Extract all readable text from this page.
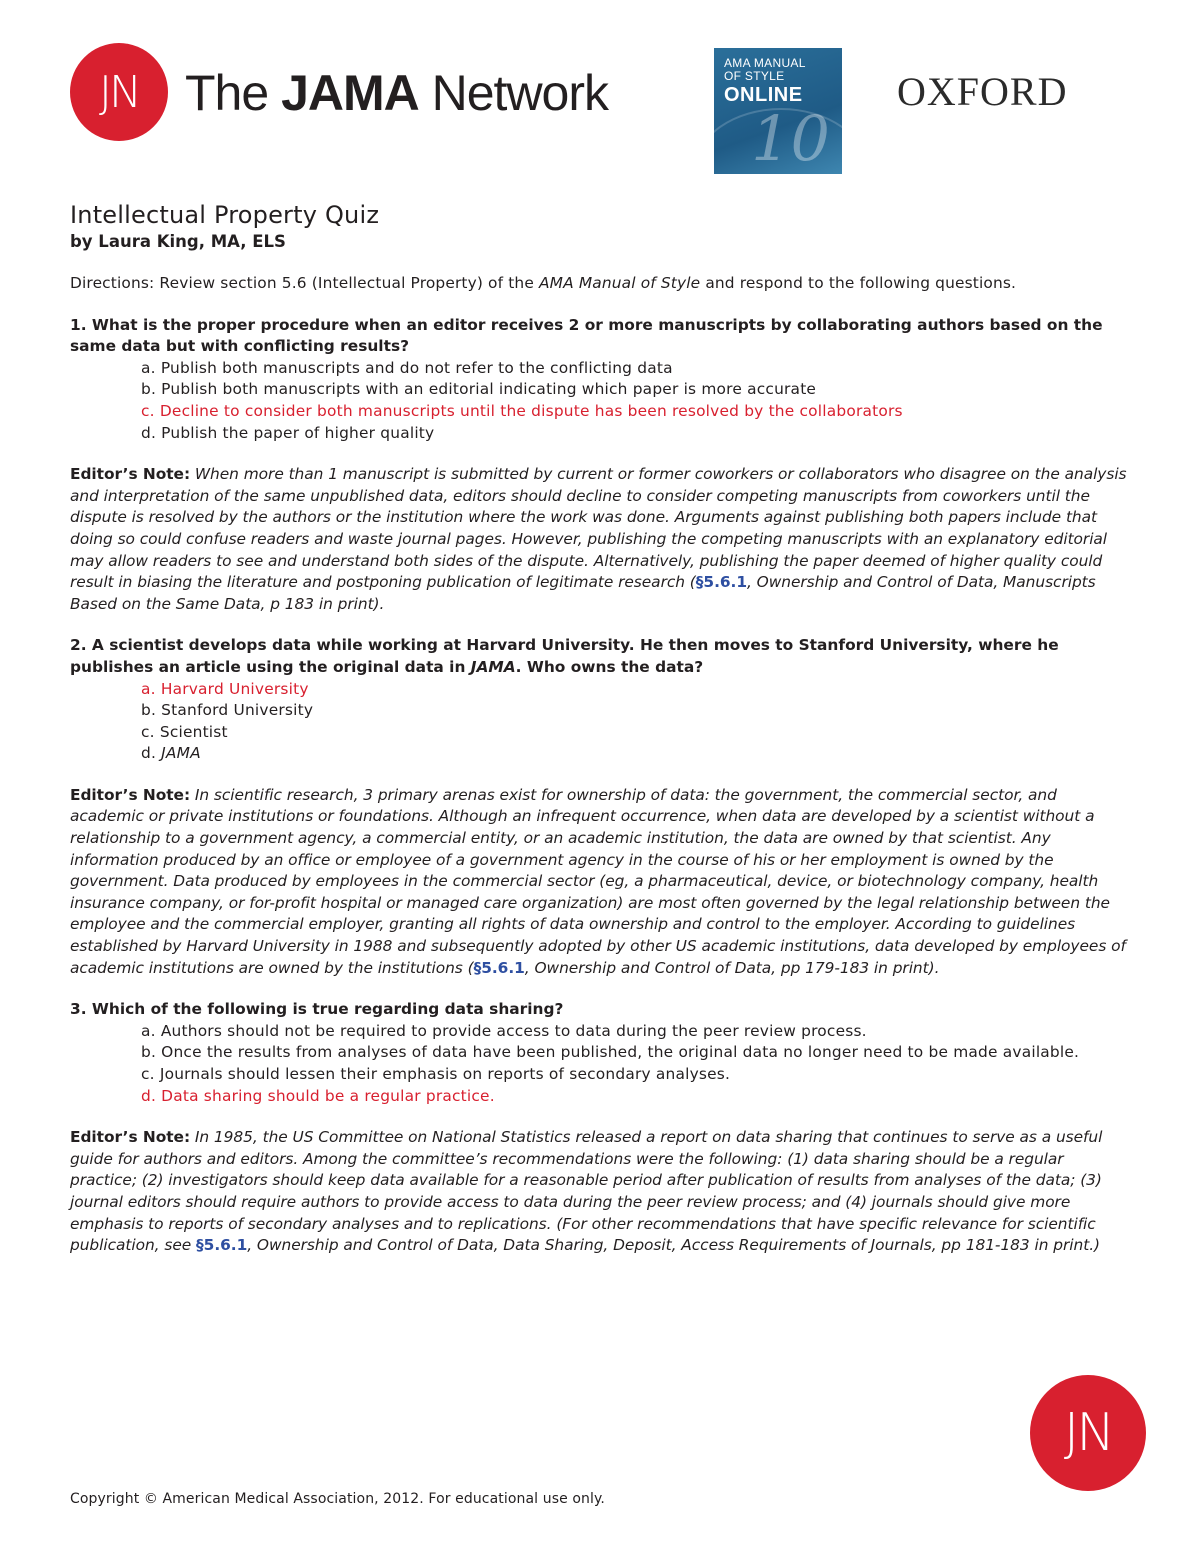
JN The JAMA Network
AMA MANUAL
OF STYLE
ONLINE
10
OXFORD
Intellectual Property Quiz

by Laura King, MA, ELS

Directions: Review section 5.6 (Intellectual Property) of the AMA Manual of Style and respond to the following questions.

1. What is the proper procedure when an editor receives 2 or more manuscripts by collaborating authors based on the same data but with conflicting results?

a. Publish both manuscripts and do not refer to the conflicting data
b. Publish both manuscripts with an editorial indicating which paper is more accurate
c. Decline to consider both manuscripts until the dispute has been resolved by the collaborators
d. Publish the paper of higher quality

Editor’s Note: When more than 1 manuscript is submitted by current or former coworkers or collaborators who disagree on the analysis and interpretation of the same unpublished data, editors should decline to consider competing manuscripts from coworkers until the dispute is resolved by the authors or the institution where the work was done. Arguments against publishing both papers include that doing so could confuse readers and waste journal pages. However, publishing the competing manuscripts with an explanatory editorial may allow readers to see and understand both sides of the dispute. Alternatively, publishing the paper deemed of higher quality could result in biasing the literature and postponing publication of legitimate research (§5.6.1, Ownership and Control of Data, Manuscripts Based on the Same Data, p 183 in print).

2. A scientist develops data while working at Harvard University. He then moves to Stanford University, where he publishes an article using the original data in JAMA. Who owns the data?

a. Harvard University
b. Stanford University
c. Scientist
d. JAMA

Editor’s Note: In scientific research, 3 primary arenas exist for ownership of data: the government, the commercial sector, and academic or private institutions or foundations. Although an infrequent occurrence, when data are developed by a scientist without a relationship to a government agency, a commercial entity, or an academic institution, the data are owned by that scientist. Any information produced by an office or employee of a government agency in the course of his or her employment is owned by the government. Data produced by employees in the commercial sector (eg, a pharmaceutical, device, or biotechnology company, health insurance company, or for-profit hospital or managed care organization) are most often governed by the legal relationship between the employee and the commercial employer, granting all rights of data ownership and control to the employer. According to guidelines established by Harvard University in 1988 and subsequently adopted by other US academic institutions, data developed by employees of academic institutions are owned by the institutions (§5.6.1, Ownership and Control of Data, pp 179-183 in print).

3. Which of the following is true regarding data sharing?

a. Authors should not be required to provide access to data during the peer review process.
b. Once the results from analyses of data have been published, the original data no longer need to be made available.
c. Journals should lessen their emphasis on reports of secondary analyses.
d. Data sharing should be a regular practice.

Editor’s Note: In 1985, the US Committee on National Statistics released a report on data sharing that continues to serve as a useful guide for authors and editors. Among the committee’s recommendations were the following: (1) data sharing should be a regular practice; (2) investigators should keep data available for a reasonable period after publication of results from analyses of the data; (3) journal editors should require authors to provide access to data during the peer review process; and (4) journals should give more emphasis to reports of secondary analyses and to replications. (For other recommendations that have specific relevance for scientific publication, see §5.6.1, Ownership and Control of Data, Data Sharing, Deposit, Access Requirements of Journals, pp 181-183 in print.)

JN
Copyright © American Medical Association, 2012. For educational use only.
